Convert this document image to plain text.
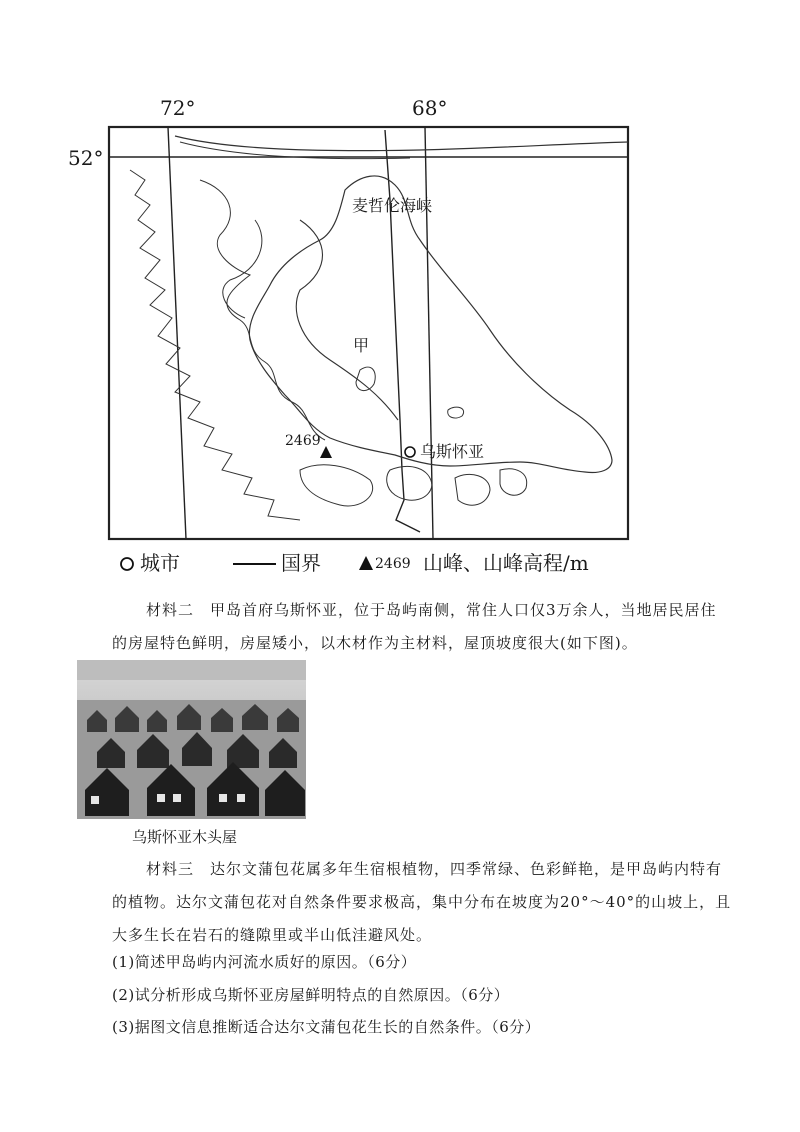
72°	68°
52°
麦哲伦海峡
甲
2469
乌斯怀亚
城市	国界	2469 山峰、山峰高程/m
材料二　甲岛首府乌斯怀亚，位于岛屿南侧，常住人口仅3万余人，当地居民居住的房屋特色鲜明，房屋矮小，以木材作为主材料，屋顶坡度很大(如下图)。
乌斯怀亚木头屋
材料三　达尔文蒲包花属多年生宿根植物，四季常绿、色彩鲜艳，是甲岛屿内特有的植物。达尔文蒲包花对自然条件要求极高，集中分布在坡度为20°～40°的山坡上，且大多生长在岩石的缝隙里或半山低洼避风处。
(1)简述甲岛屿内河流水质好的原因。（6分）
(2)试分析形成乌斯怀亚房屋鲜明特点的自然原因。（6分）
(3)据图文信息推断适合达尔文蒲包花生长的自然条件。（6分）
